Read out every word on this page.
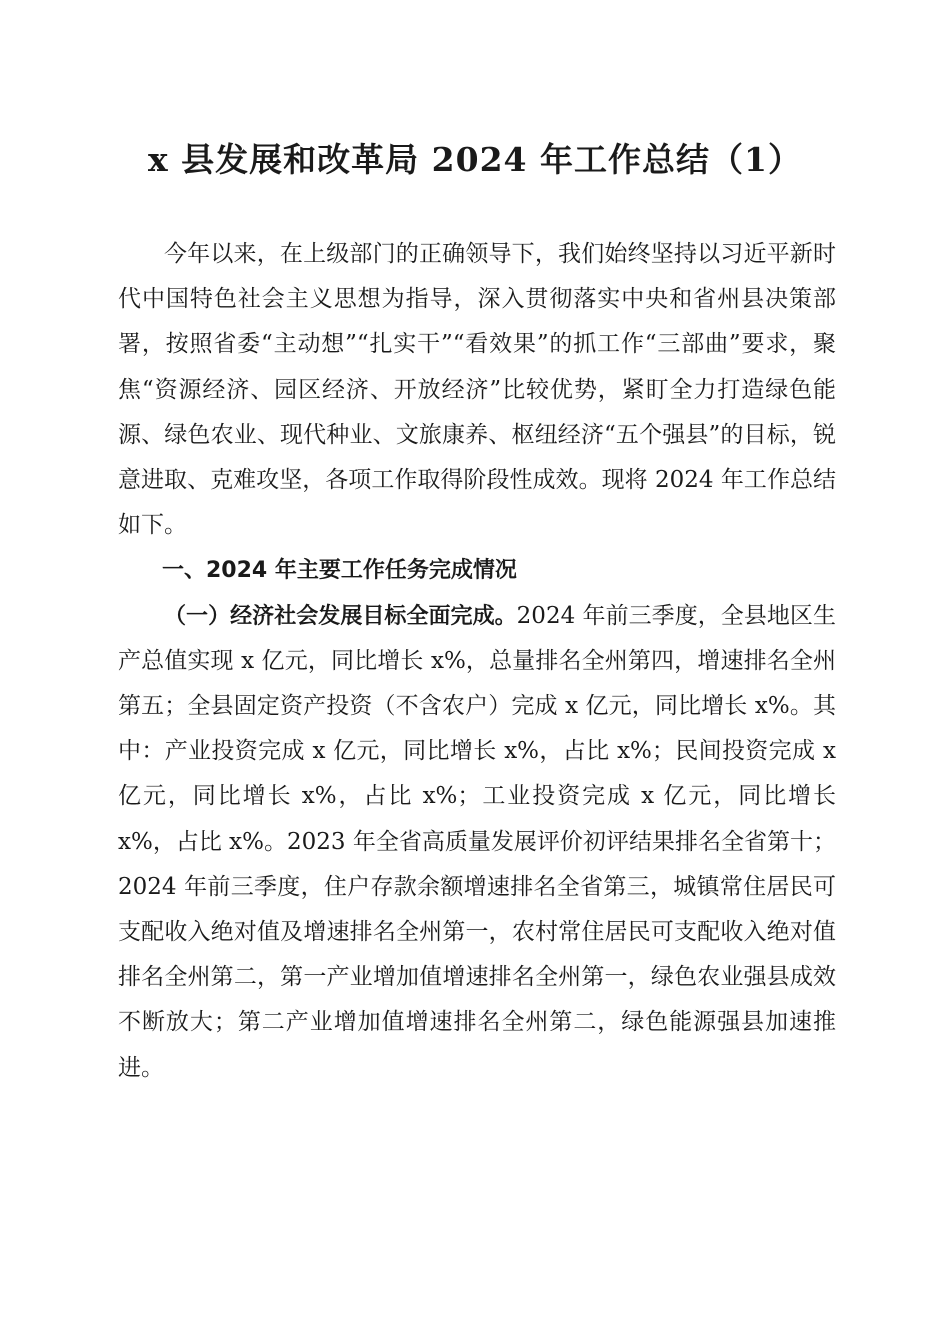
x 县发展和改革局 2024 年工作总结（1）

今年以来，在上级部门的正确领导下，我们始终坚持以习近平新时代中国特色社会主义思想为指导，深入贯彻落实中央和省州县决策部署，按照省委“主动想”“扎实干”“看效果”的抓工作“三部曲”要求，聚焦“资源经济、园区经济、开放经济”比较优势，紧盯全力打造绿色能源、绿色农业、现代种业、文旅康养、枢纽经济“五个强县”的目标，锐意进取、克难攻坚，各项工作取得阶段性成效。现将 2024 年工作总结如下。

一、2024 年主要工作任务完成情况

（一）经济社会发展目标全面完成。2024 年前三季度，全县地区生产总值实现 x 亿元，同比增长 x%，总量排名全州第四，增速排名全州第五；全县固定资产投资（不含农户）完成 x 亿元，同比增长 x%。其中：产业投资完成 x 亿元，同比增长 x%，占比 x%；民间投资完成 x 亿元，同比增长 x%，占比 x%；工业投资完成 x 亿元，同比增长 x%，占比 x%。2023 年全省高质量发展评价初评结果排名全省第十；2024 年前三季度，住户存款余额增速排名全省第三，城镇常住居民可支配收入绝对值及增速排名全州第一，农村常住居民可支配收入绝对值排名全州第二，第一产业增加值增速排名全州第一，绿色农业强县成效不断放大；第二产业增加值增速排名全州第二，绿色能源强县加速推进。
